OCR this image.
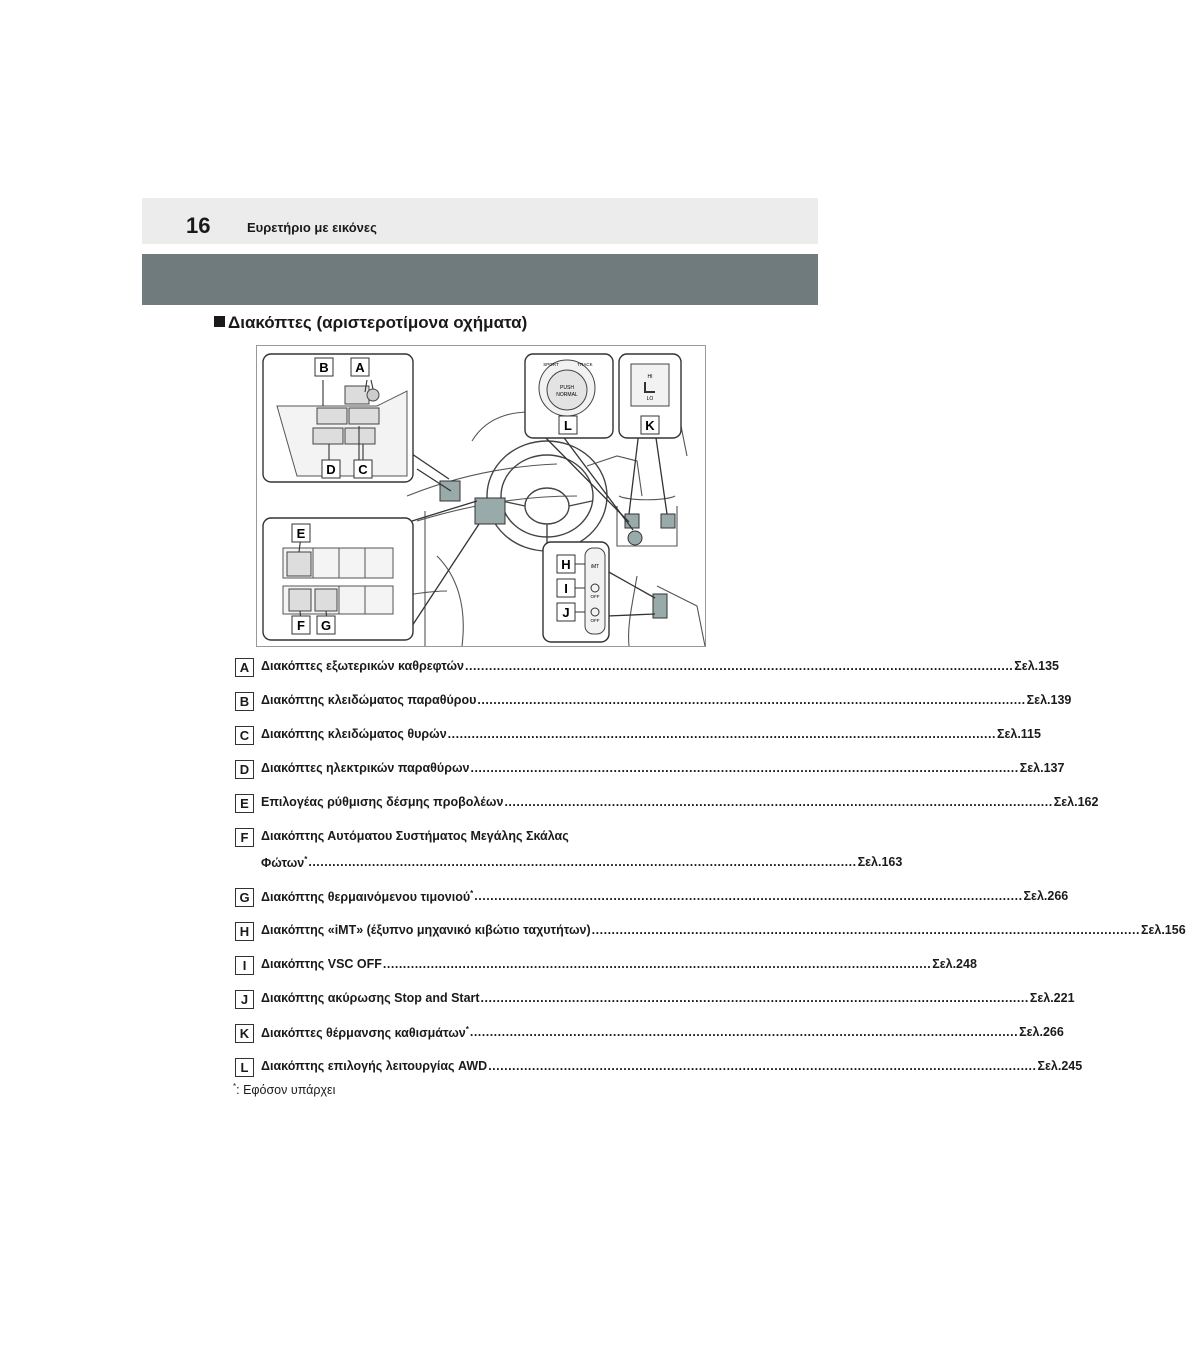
16	Ευρετήριο με εικόνες
Διακόπτες (αριστεροτίμονα οχήματα)
B A
D C
E
F G
PUSH
NORMAL
SPORT	TRACK
L
HI
LO
K
iMT
OFF
OFF
H
I
J
A Διακόπτες εξωτερικών καθρεφτών .......................................................................................................................................... Σελ.135
B Διακόπτης κλειδώματος παραθύρου .......................................................................................................................................... Σελ.139
C Διακόπτης κλειδώματος θυρών .......................................................................................................................................... Σελ.115
D Διακόπτες ηλεκτρικών παραθύρων .......................................................................................................................................... Σελ.137
E Επιλογέας ρύθμισης δέσμης προβολέων .......................................................................................................................................... Σελ.162
F	Διακόπτης Αυτόματου Συστήματος Μεγάλης Σκάλας
Φώτων* .......................................................................................................................................... Σελ.163
G Διακόπτης θερμαινόμενου τιμονιού* .......................................................................................................................................... Σελ.266
H Διακόπτης «iMT» (έξυπνο μηχανικό κιβώτιο ταχυτήτων) .......................................................................................................................................... Σελ.156
I	Διακόπτης VSC OFF .......................................................................................................................................... Σελ.248
J	Διακόπτης ακύρωσης Stop and Start .......................................................................................................................................... Σελ.221
K Διακόπτες θέρμανσης καθισμάτων* .......................................................................................................................................... Σελ.266
L	Διακόπτης επιλογής λειτουργίας AWD .......................................................................................................................................... Σελ.245
*: Εφόσον υπάρχει
